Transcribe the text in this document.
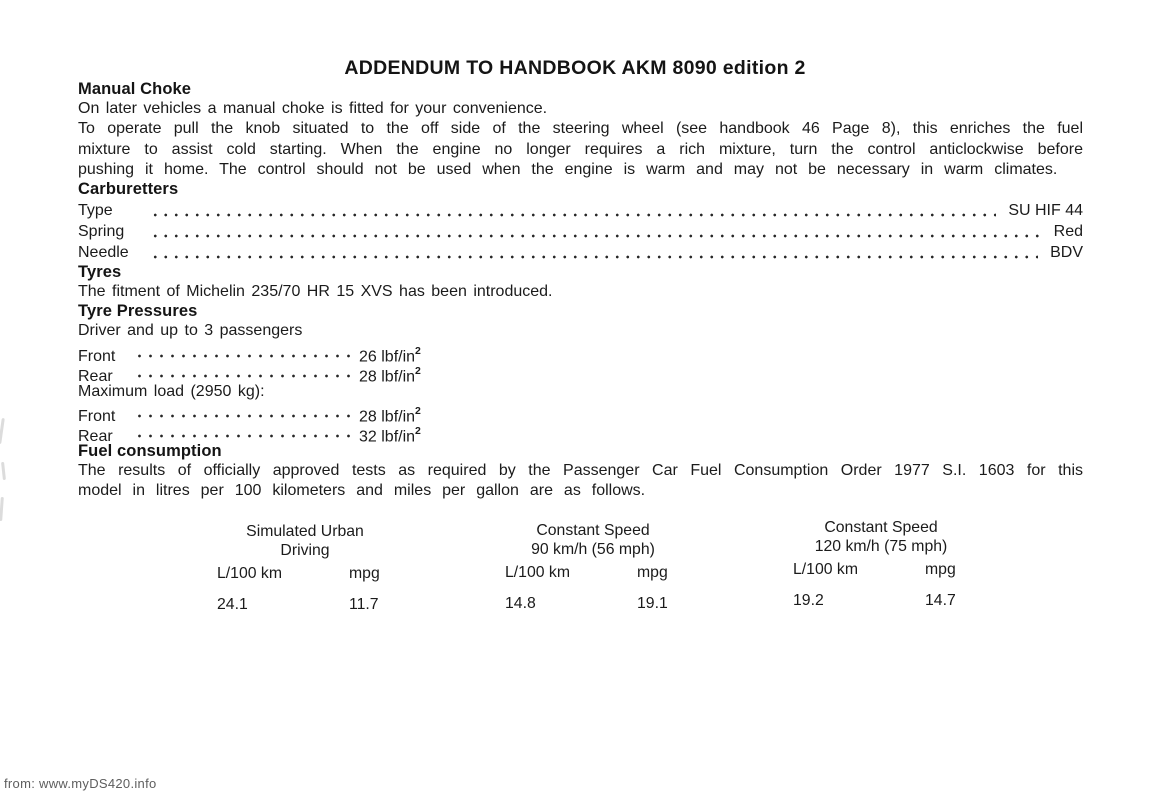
ADDENDUM TO HANDBOOK AKM 8090 edition 2
Manual Choke

On later vehicles a manual choke is fitted for your convenience.

To operate pull the knob situated to the off side of the steering wheel (see handbook 46 Page 8), this enriches the fuel mixture to assist cold starting. When the engine no longer requires a rich mixture, turn the control anticlockwise before pushing it home. The control should not be used when the engine is warm and may not be necessary in warm climates.

Carburetters
Type	SU HIF 44
Spring	Red
Needle	BDV
Tyres

The fitment of Michelin 235/70 HR 15 XVS has been introduced.

Tyre Pressures

Driver and up to 3 passengers

Front	26 lbf/$in^2$
Rear	28 lbf/$in^2$

Maximum load (2950 kg):

Front	28 lbf/$in^2$
Rear	32 lbf/$in^2$
Fuel consumption

The results of officially approved tests as required by the Passenger Car Fuel Consumption Order 1977 S.I. 1603 for this model in litres per 100 kilometers and miles per gallon are as follows.

Simulated Urban
Driving
L/100 km	mpg
24.1	11.7
Constant Speed
90 km/h (56 mph)
L/100 km	mpg
14.8	19.1
Constant Speed
120 km/h (75 mph)
L/100 km	mpg
19.2	14.7
from: www.myDS420.info
